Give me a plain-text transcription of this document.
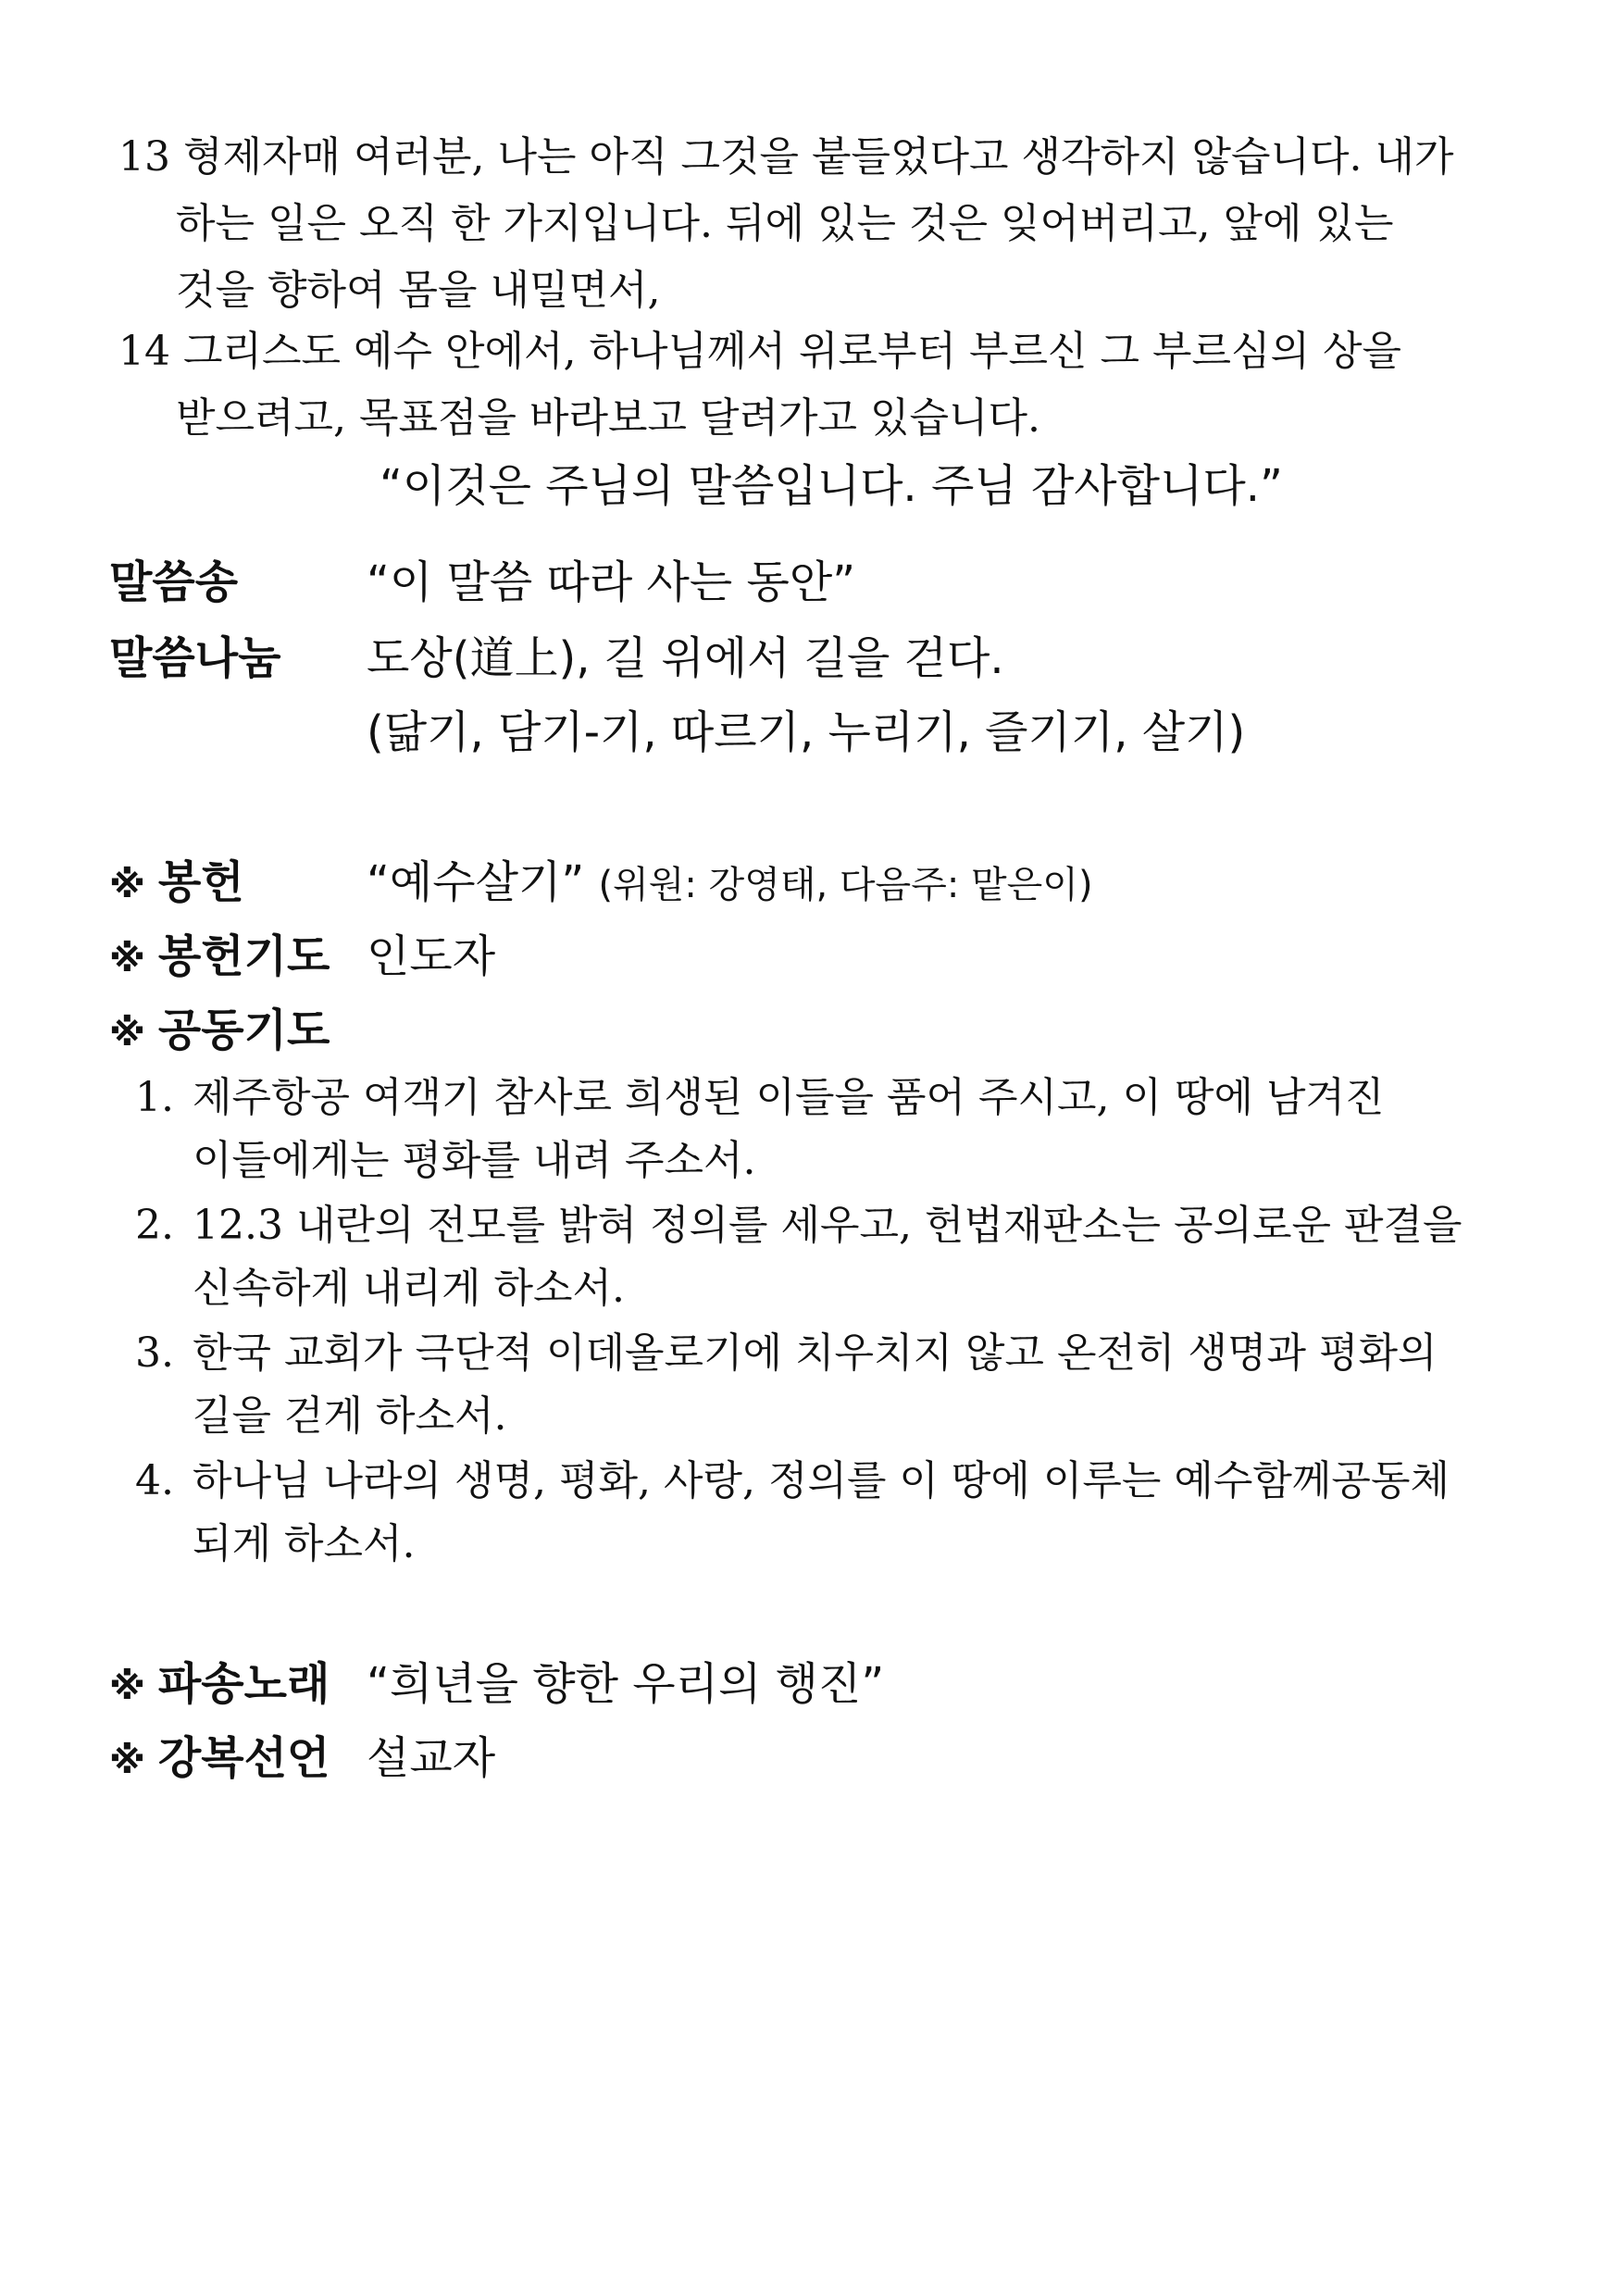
13 형제자매 여러분, 나는 아직 그것을 붙들었다고 생각하지 않습니다. 내가
하는 일은 오직 한 가지입니다. 뒤에 있는 것은 잊어버리고, 앞에 있는
것을 향하여 몸을 내밀면서,
14 그리스도 예수 안에서, 하나님께서 위로부터 부르신 그 부르심의 상을
받으려고, 목표점을 바라보고 달려가고 있습니다.
“이것은 주님의 말씀입니다. 주님 감사합니다.”
말씀송	“이 말씀 따라 사는 동안”
말씀나눔 도상(道上), 길 위에서 길을 걷다.
(닮기, 담기-기, 따르기, 누리기, 즐기기, 살기)
※ 봉헌	“예수살기” (위원: 강영태, 다음주: 맡은이)
※ 봉헌기도 인도자
※ 공동기도
1. 제주항공 여객기 참사로 희생된 이들을 품어 주시고, 이 땅에 남겨진
이들에게는 평화를 내려 주소서.
2. 12.3 내란의 전모를 밝혀 정의를 세우고, 헌법재판소는 공의로운 판결을
신속하게 내리게 하소서.
3. 한국 교회가 극단적 이데올로기에 치우치지 않고 온전히 생명과 평화의
길을 걷게 하소서.
4. 하나님 나라의 생명, 평화, 사랑, 정의를 이 땅에 이루는 예수함께공동체
되게 하소서.
※ 파송노래 “희년을 향한 우리의 행진”
※ 강복선언 설교자
